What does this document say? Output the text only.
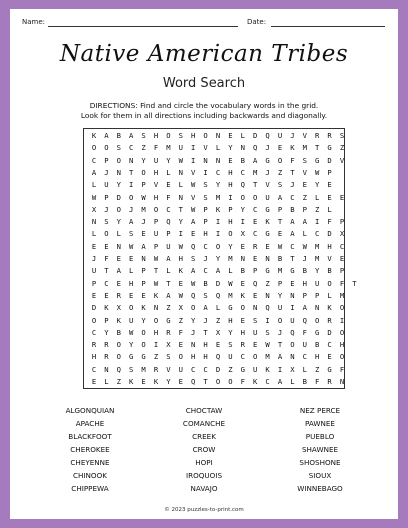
Name:	Date:
Native American Tribes
Word Search
DIRECTIONS: Find and circle the vocabulary words in the grid.
Look for them in all directions including backwards and diagonally.
K	A	B	A	S	H	O	S	H	O	N	E	L	D	Q	U	J	V	R	R	S
O	O	S	C	Z	F	M	U	I	V	L	Y	N	Q	J	E	K	M	T	G	Z
C	P	O	N	Y	U	Y	W	I	N	N	E	B	A	G	O	F	S	G	D	V
A	J	N	T	O	H	L	N	V	I	C	H	C	M	J	Z	T	V	W	P
L	U	Y	I	P	V	E	L	W	S	Y	H	Q	T	V	S	J	E	Y	E
W	P	D	O	W	H	F	N	V	S	M	I	O	O	U	A	C	Z	L	E	E
X	J	O	J	M	O	C	T	W	P	K	P	Y	C	G	P	B	P	Z	L
N	S	Y	A	J	P	Q	Y	A	P	I	H	I	E	K	T	A	A	I	F	P
L	O	L	S	E	U	P	I	E	H	I	O	X	C	G	E	A	L	C	D	X
E	E	N	W	A	P	U	W	Q	C	O	Y	E	R	E	W	C	W	M	H	C
J	F	E	E	N	W	A	H	S	J	Y	M	N	E	N	B	T	J	M	V	E
U	T	A	L	P	T	L	K	A	C	A	L	B	P	G	M	G	B	Y	B	P
P	C	E	H	P	W	T	E	W	B	D	W	E	Q	Z	P	E	H	U	O	F	T
E	E	R	E	E	K	A	W	Q	S	Q	M	K	E	N	Y	N	P	P	L	M
D	K	X	O	K	N	Z	X	O	A	L	G	O	N	Q	U	I	A	N	K	O
O	P	K	U	Y	O	G	Z	Y	J	Z	H	E	S	I	O	U	Q	O	R	I
C	Y	B	W	O	H	R	F	J	T	X	Y	H	U	S	J	Q	F	G	D	O
R	R	O	Y	O	I	X	E	N	H	E	S	R	E	W	T	O	U	B	C	H
H	R	O	G	G	Z	S	O	H	H	Q	U	C	O	M	A	N	C	H	E	O
C	N	Q	S	M	R	V	U	C	C	D	Z	G	U	K	I	X	L	Z	G	F
E	L	Z	K	E	K	Y	E	Q	T	O	O	F	K	C	A	L	B	F	R	N
ALGONQUIAN
APACHE
BLACKFOOT
CHEROKEE
CHEYENNE
CHINOOK
CHIPPEWA
CHOCTAW
COMANCHE
CREEK
CROW
HOPI
IROQUOIS
NAVAJO
NEZ PERCE
PAWNEE
PUEBLO
SHAWNEE
SHOSHONE
SIOUX
WINNEBAGO
© 2023 puzzles-to-print.com
